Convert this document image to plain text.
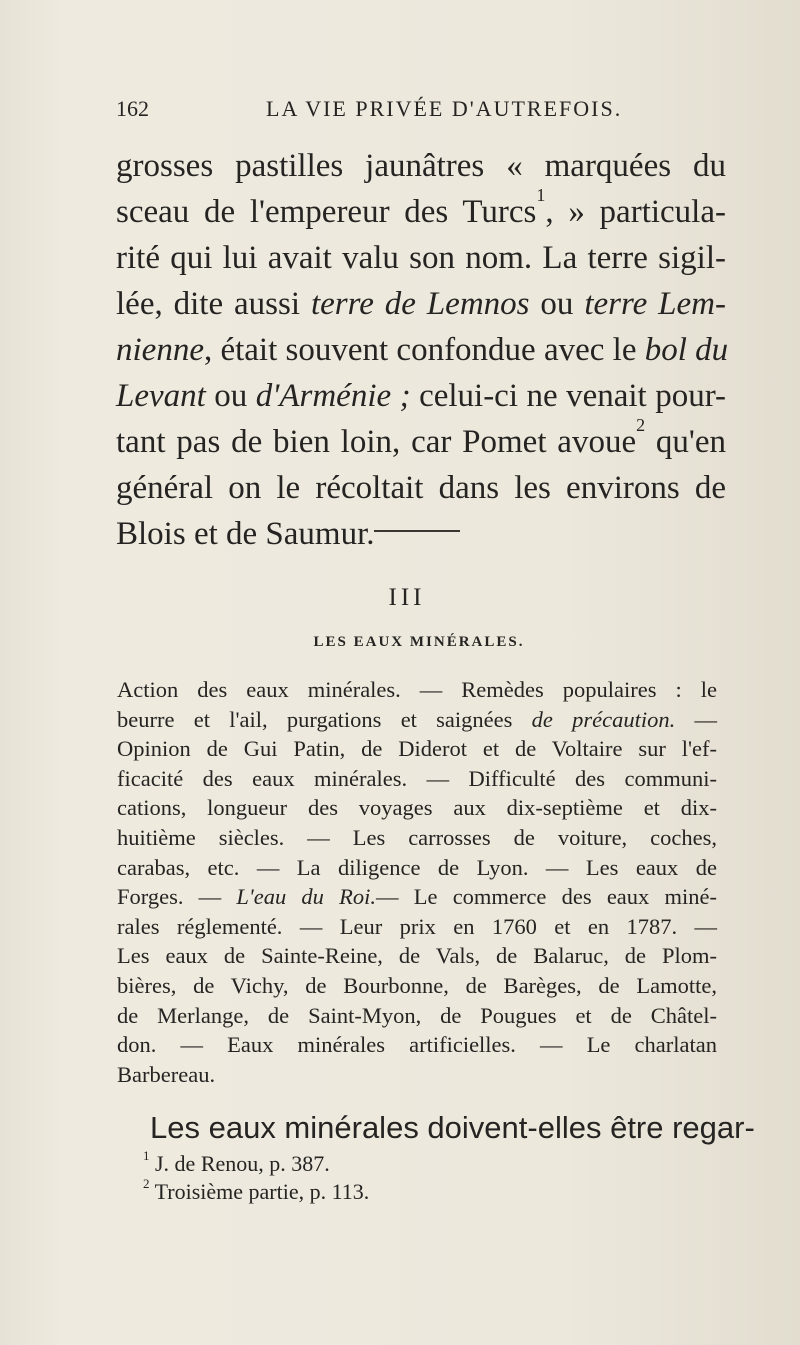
162	LA VIE PRIVÉE D'AUTREFOIS.
grosses pastilles jaunâtres « marquées du
sceau de l'empereur des Turcs$^1$, » particula-
rité qui lui avait valu son nom. La terre sigil-
lée, dite aussi terre de Lemnos ou terre Lem-
nienne, était souvent confondue avec le bol du
Levant ou d'Arménie ; celui-ci ne venait pour-
tant pas de bien loin, car Pomet avoue$^2$ qu'en
général on le récoltait dans les environs de
Blois et de Saumur.
III
LES EAUX MINÉRALES.
Action des eaux minérales. — Remèdes populaires : le
beurre et l'ail, purgations et saignées de précaution. —
Opinion de Gui Patin, de Diderot et de Voltaire sur l'ef-
ficacité des eaux minérales. — Difficulté des communi-
cations, longueur des voyages aux dix-septième et dix-
huitième siècles. — Les carrosses de voiture, coches,
carabas, etc. — La diligence de Lyon. — Les eaux de
Forges. — L'eau du Roi.— Le commerce des eaux miné-
rales réglementé. — Leur prix en 1760 et en 1787. —
Les eaux de Sainte-Reine, de Vals, de Balaruc, de Plom-
bières, de Vichy, de Bourbonne, de Barèges, de Lamotte,
de Merlange, de Saint-Myon, de Pougues et de Châtel-
don. — Eaux minérales artificielles. — Le charlatan
Barbereau.
Les eaux minérales doivent-elles être regar-
$^1$ J. de Renou, p. 387.
$^2$ Troisième partie, p. 113.
